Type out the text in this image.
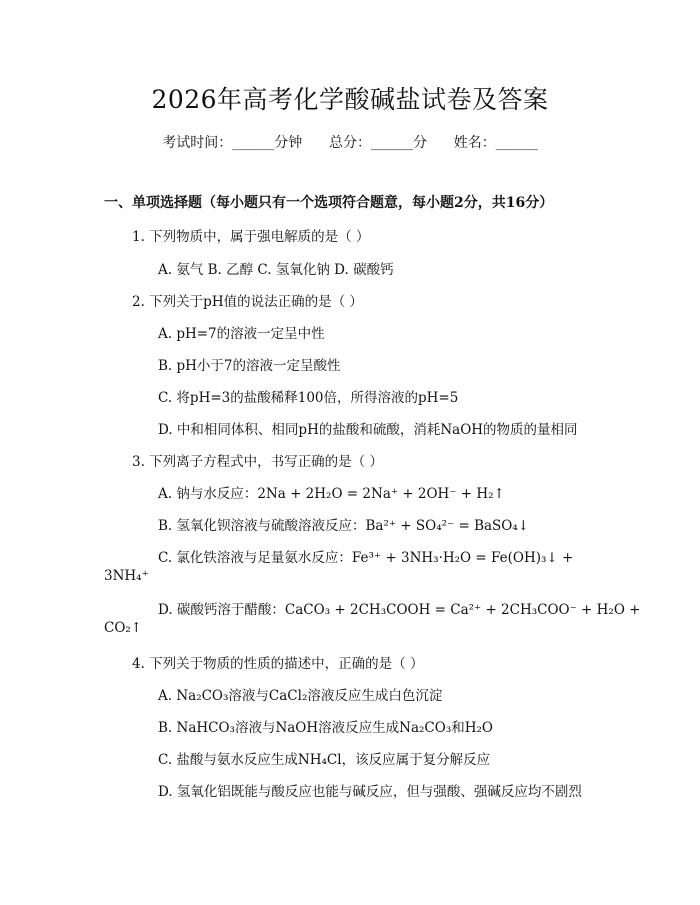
2026年高考化学酸碱盐试卷及答案
考试时间：______分钟      总分：______分      姓名：______
一、单项选择题（每小题只有一个选项符合题意，每小题2分，共16分）
1. 下列物质中，属于强电解质的是（ ）
A. 氨气 B. 乙醇 C. 氢氧化钠 D. 碳酸钙
2. 下列关于pH值的说法正确的是（ ）
A. pH=7的溶液一定呈中性
B. pH小于7的溶液一定呈酸性
C. 将pH=3的盐酸稀释100倍，所得溶液的pH=5
D. 中和相同体积、相同pH的盐酸和硫酸，消耗NaOH的物质的量相同
3. 下列离子方程式中，书写正确的是（ ）
A. 钠与水反应：2Na + 2H₂O = 2Na⁺ + 2OH⁻ + H₂↑
B. 氢氧化钡溶液与硫酸溶液反应：Ba²⁺ + SO₄²⁻ = BaSO₄↓
C. 氯化铁溶液与足量氨水反应：Fe³⁺ + 3NH₃·H₂O = Fe(OH)₃↓ +
3NH₄⁺
D. 碳酸钙溶于醋酸：CaCO₃ + 2CH₃COOH = Ca²⁺ + 2CH₃COO⁻ + H₂O +
CO₂↑
4. 下列关于物质的性质的描述中，正确的是（ ）
A. Na₂CO₃溶液与CaCl₂溶液反应生成白色沉淀
B. NaHCO₃溶液与NaOH溶液反应生成Na₂CO₃和H₂O
C. 盐酸与氨水反应生成NH₄Cl，该反应属于复分解反应
D. 氢氧化铝既能与酸反应也能与碱反应，但与强酸、强碱反应均不剧烈
